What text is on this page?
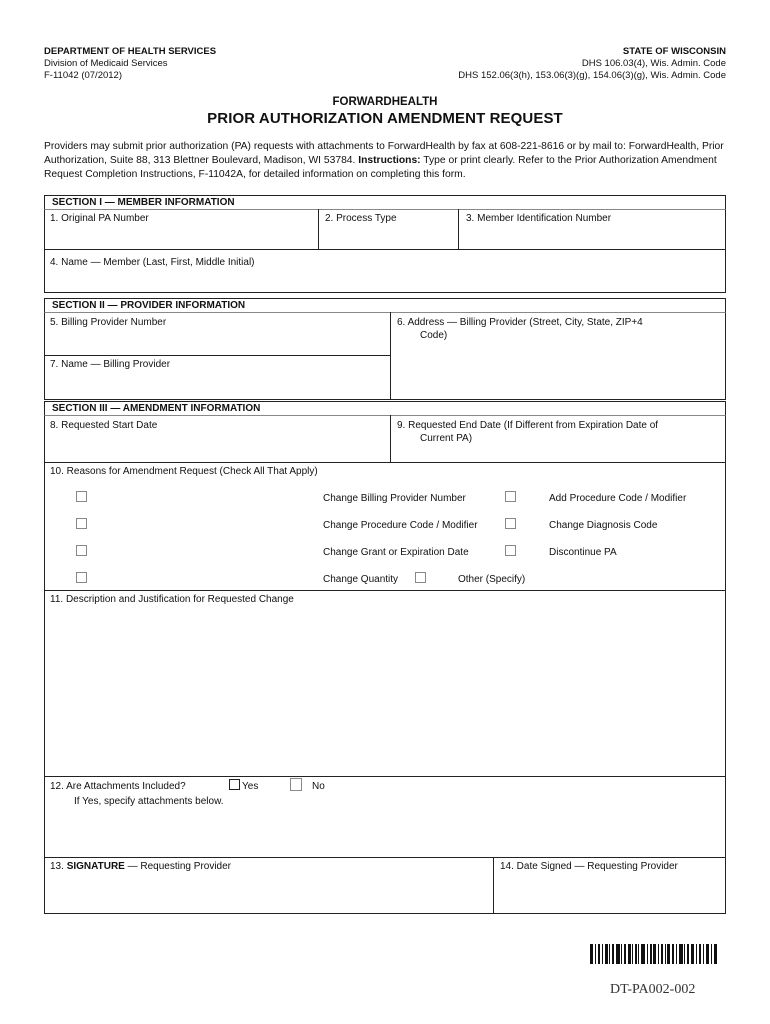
DEPARTMENT OF HEALTH SERVICES
Division of Medicaid Services
F-11042 (07/2012)
STATE OF WISCONSIN
DHS 106.03(4), Wis. Admin. Code
DHS 152.06(3(h), 153.06(3)(g), 154.06(3)(g), Wis. Admin. Code
FORWARDHEALTH
PRIOR AUTHORIZATION AMENDMENT REQUEST
Providers may submit prior authorization (PA) requests with attachments to ForwardHealth by fax at 608-221-8616 or by mail to: ForwardHealth, Prior Authorization, Suite 88, 313 Blettner Boulevard, Madison, WI 53784. Instructions: Type or print clearly. Refer to the Prior Authorization Amendment Request Completion Instructions, F-11042A, for detailed information on completing this form.
SECTION I — MEMBER INFORMATION
1. Original PA Number	2. Process Type	3. Member Identification Number
4. Name — Member (Last, First, Middle Initial)
SECTION II — PROVIDER INFORMATION
5. Billing Provider Number	6. Address — Billing Provider (Street, City, State, ZIP+4
Code)
7. Name — Billing Provider
SECTION III — AMENDMENT INFORMATION
8. Requested Start Date	9. Requested End Date (If Different from Expiration Date of
Current PA)
10. Reasons for Amendment Request (Check All That Apply)
Change Billing Provider Number	Add Procedure Code / Modifier
Change Procedure Code / Modifier	Change Diagnosis Code
Change Grant or Expiration Date	Discontinue PA
Change Quantity	Other (Specify)
11. Description and Justification for Requested Change
12. Are Attachments Included?	Yes	No
If Yes, specify attachments below.
13. SIGNATURE — Requesting Provider	14. Date Signed — Requesting Provider
DT-PA002-002
